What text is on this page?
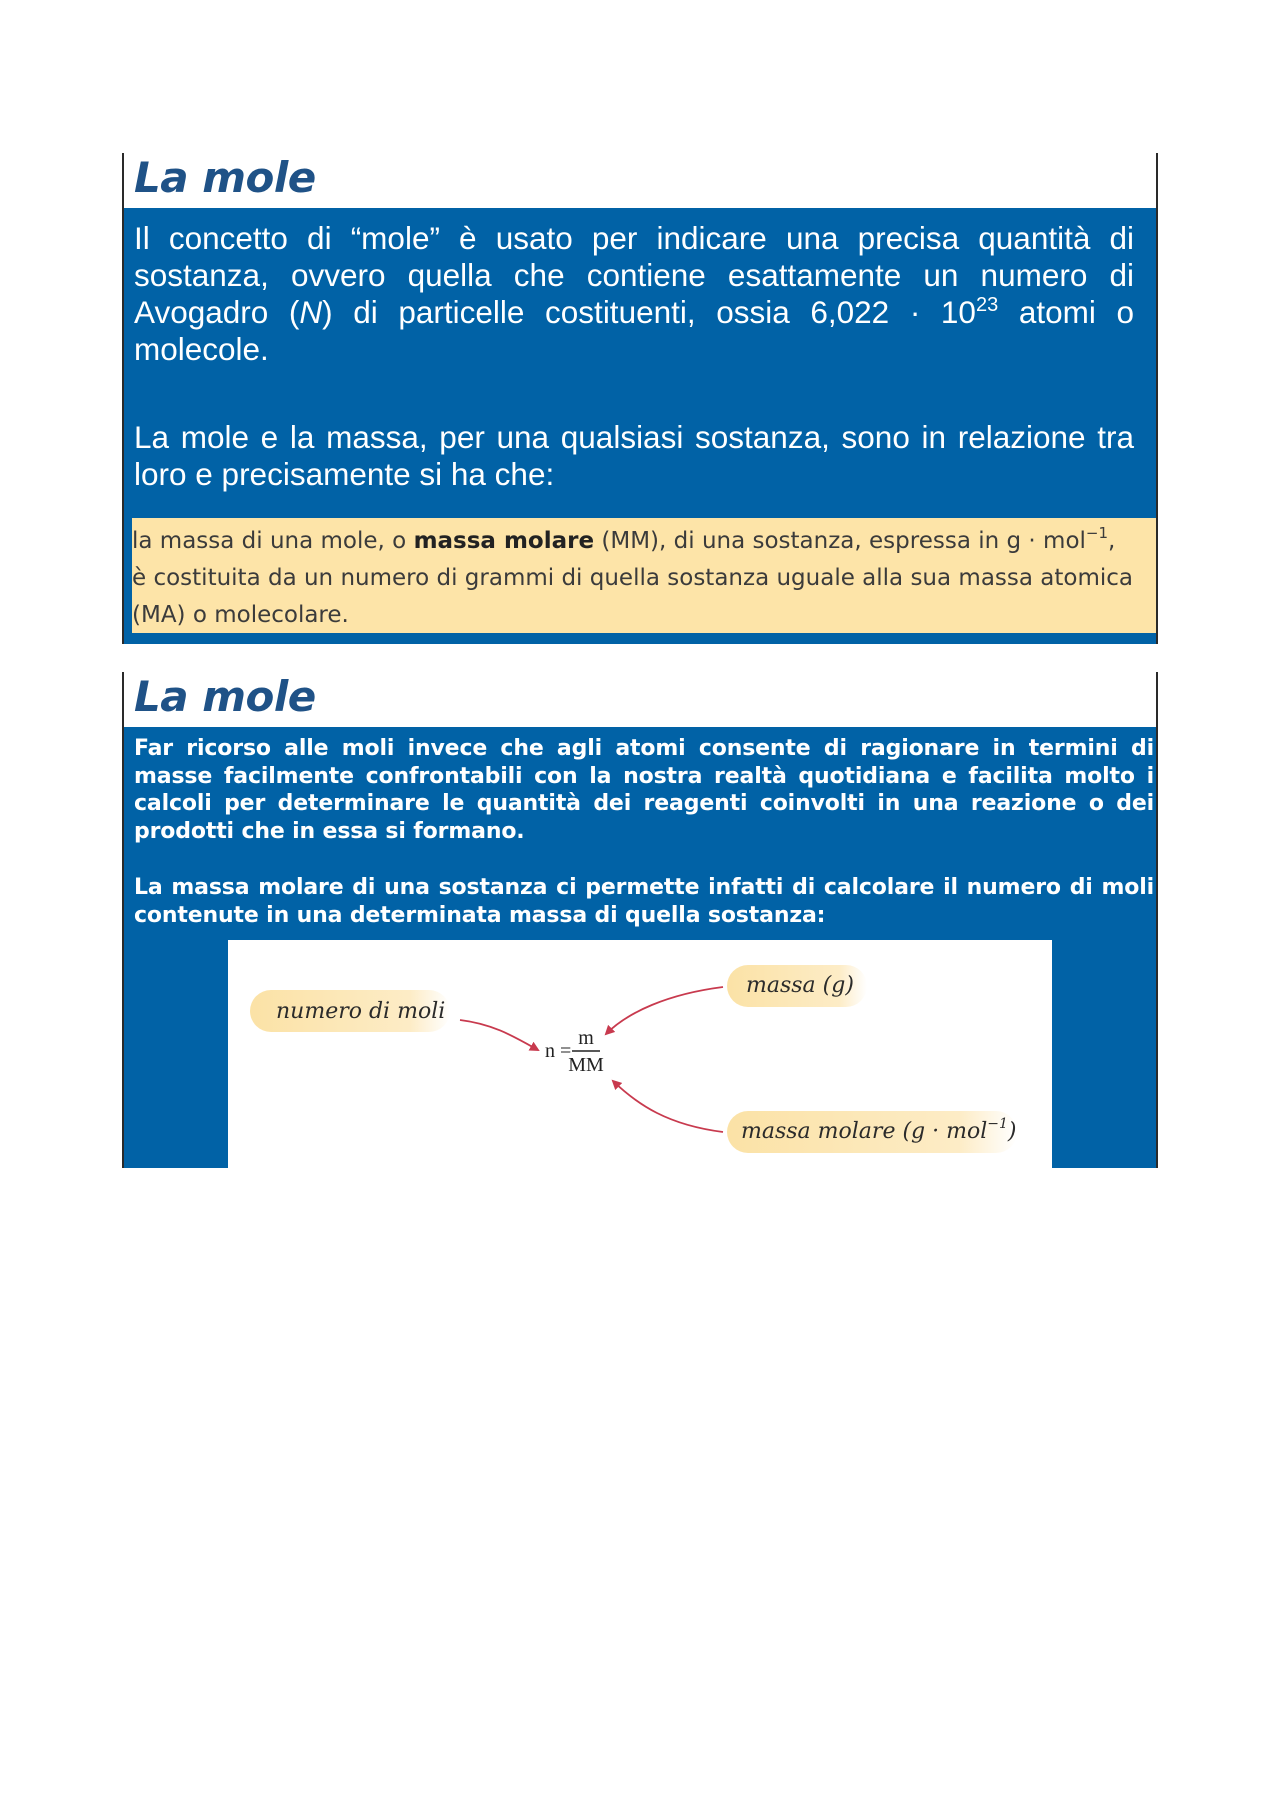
La mole

Il concetto di “mole” è usato per indicare una precisa quantità di sostanza, ovvero quella che contiene esattamente un numero di Avogadro (N) di particelle costituenti, ossia $6,022 \cdot 10^{23}$ atomi o molecole.

La mole e la massa, per una qualsiasi sostanza, sono in relazione tra loro e precisamente si ha che:

la massa di una mole, o massa molare (MM), di una sostanza, espressa in g · mol$^{-1}$,
è costituita da un numero di grammi di quella sostanza uguale alla sua massa atomica
(MA) o molecolare.
La mole

Far ricorso alle moli invece che agli atomi consente di ragionare in termini di masse facilmente confrontabili con la nostra realtà quotidiana e facilita molto i calcoli per determinare le quantità dei reagenti coinvolti in una reazione o dei prodotti che in essa si formano.

La massa molare di una sostanza ci permette infatti di calcolare il numero di moli contenute in una determinata massa di quella sostanza:

numero di moli
massa (g)
massa molare (g · mol$^{-1}$)
n =
m
MM
